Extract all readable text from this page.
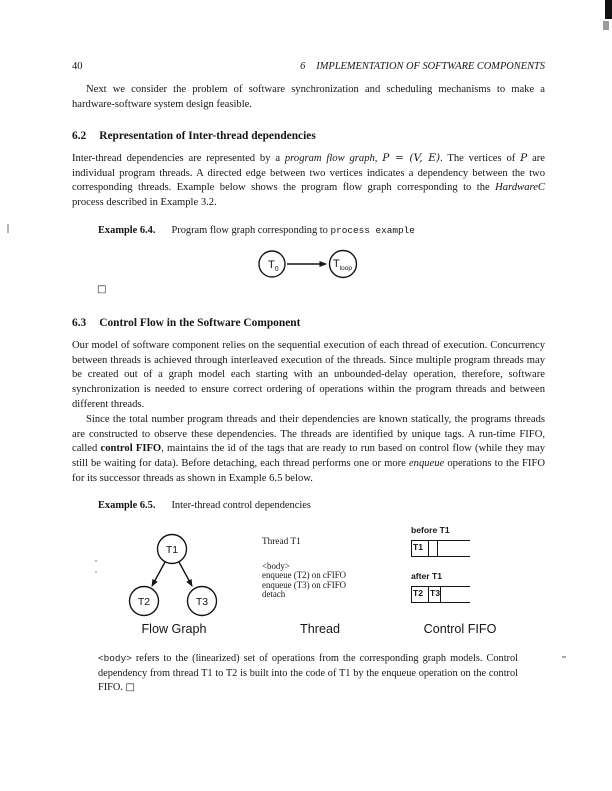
40	6 IMPLEMENTATION OF SOFTWARE COMPONENTS
Next we consider the problem of software synchronization and scheduling mechanisms to make a hardware-software system design feasible.
6.2 Representation of Inter-thread dependencies
Inter-thread dependencies are represented by a program flow graph, P = (V, E). The vertices of P are individual program threads. A directed edge between two vertices indicates a dependency between the two corresponding threads. Example below shows the program flow graph corresponding to the HardwareC process described in Example 3.2.
Example 6.4. Program flow graph corresponding to process example
$T_0$	$T_{loop}$
□
6.3 Control Flow in the Software Component
Our model of software component relies on the sequential execution of each thread of execution. Concurrency between threads is achieved through interleaved execution of the threads. Since multiple program threads may be created out of a graph model each starting with an unbounded-delay operation, therefore, software synchronization is needed to ensure correct ordering of operations within the program threads and between different threads.
Since the total number program threads and their dependencies are known statically, the programs threads are constructed to observe these dependencies. The threads are identified by unique tags. A run-time FIFO, called control FIFO, maintains the id of the tags that are ready to run based on control flow (while they may still be waiting for data). Before detaching, each thread performs one or more enqueue operations to the FIFO for its successor threads as shown in Example 6.5 below.
Example 6.5. Inter-thread control dependencies
T1
T2	T3
Flow Graph
Thread T1
<body>
enqueue (T2) on cFIFO
enqueue (T3) on cFIFO
detach
Thread
before T1
T1
after T1
T2 T3
Control FIFO
<body> refers to the (linearized) set of operations from the corresponding graph models. Control dependency from thread T1 to T2 is built into the code of T1 by the enqueue operation on the control FIFO. □
